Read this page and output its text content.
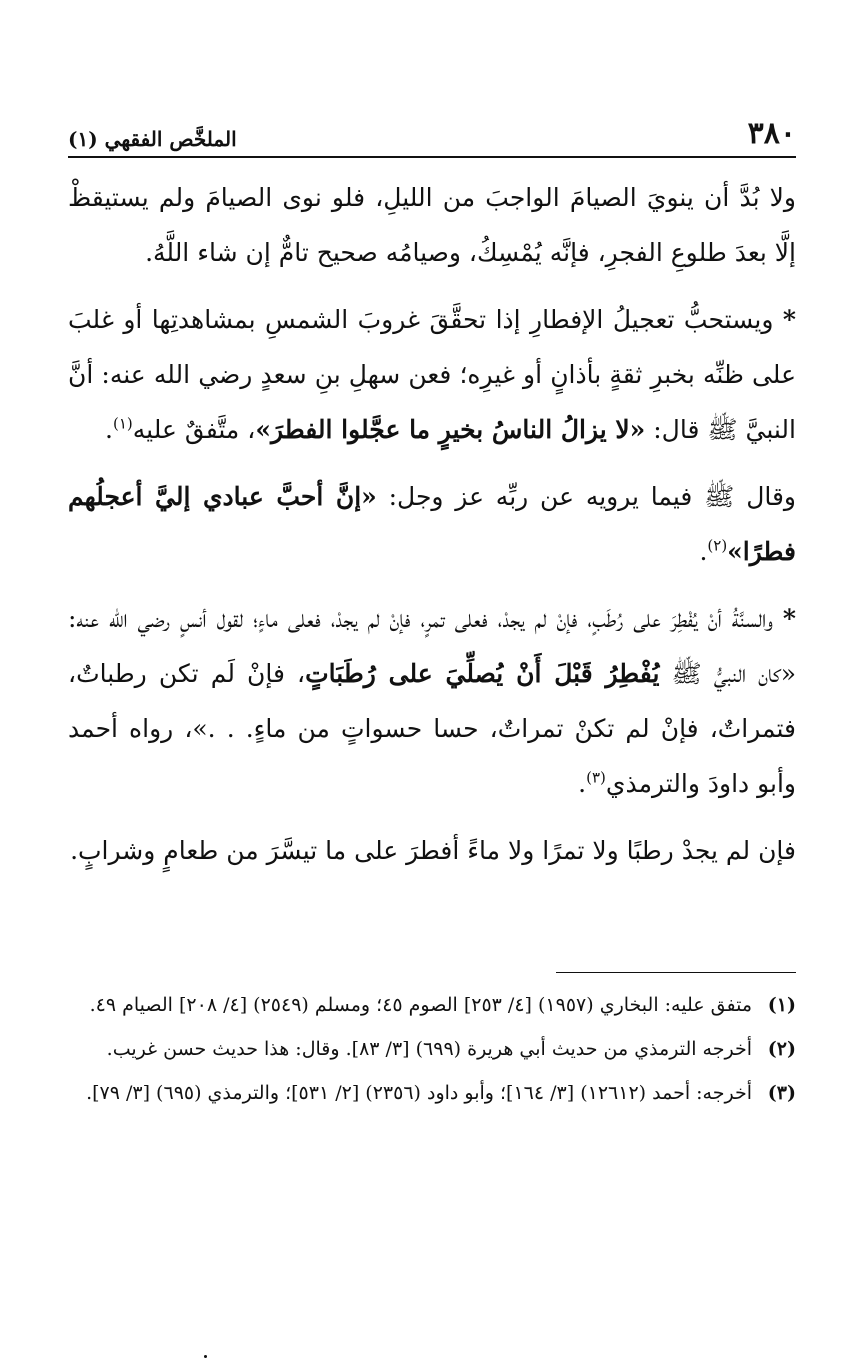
٣٨٠
الملخَّص الفقهي (١)

ولا بُدَّ أن ينويَ الصيامَ الواجبَ من الليلِ، فلو نوى الصيامَ ولم يستيقظْ إلَّا بعدَ طلوعِ الفجرِ، فإنَّه يُمْسِكُ، وصيامُه صحيح تامٌّ إن شاء اللَّهُ.

* ويستحبُّ تعجيلُ الإفطارِ إذا تحقَّقَ غروبَ الشمسِ بمشاهدتِها أو غلبَ على ظنِّه بخبرِ ثقةٍ بأذانٍ أو غيرِه؛ فعن سهلِ بنِ سعدٍ رضي الله عنه: أنَّ النبيَّ ﷺ قال: «لا يزالُ الناسُ بخيرٍ ما عجَّلوا الفطرَ»، متَّفقٌ عليه$^{(١)}$.

وقال ﷺ فيما يرويه عن ربِّه عز وجل: «إنَّ أحبَّ عبادي إليَّ أعجلُهم فطرًا»$^{(٢)}$.

* والسنَّةُ أنْ يُفْطِرَ على رُطَبٍ، فإنْ لم يجدْ، فعلى تمرٍ، فإنْ لم يجدْ، فعلى ماءٍ؛ لقول أنسٍ رضي الله عنه: «كان النبيُّ ﷺ يُفْطِرُ قَبْلَ أَنْ يُصلِّيَ على رُطَبَاتٍ، فإنْ لَم تكن رطباتٌ، فتمراتٌ، فإنْ لم تكنْ تمراتٌ، حسا حسواتٍ من ماءٍ. . .»، رواه أحمد وأبو داودَ والترمذي$^{(٣)}$.

فإن لم يجدْ رطبًا ولا تمرًا ولا ماءً أفطرَ على ما تيسَّرَ من طعامٍ وشرابٍ.

(١)
متفق عليه: البخاري (١٩٥٧) [٤/ ٢٥٣] الصوم ٤٥؛ ومسلم (٢٥٤٩) [٤/ ٢٠٨] الصيام ٤٩.
(٢)
أخرجه الترمذي من حديث أبي هريرة (٦٩٩) [٣/ ٨٣]. وقال: هذا حديث حسن غريب.
(٣)
أخرجه: أحمد (١٢٦١٢) [٣/ ١٦٤]؛ وأبو داود (٢٣٥٦) [٢/ ٥٣١]؛ والترمذي (٦٩٥) [٣/ ٧٩].
